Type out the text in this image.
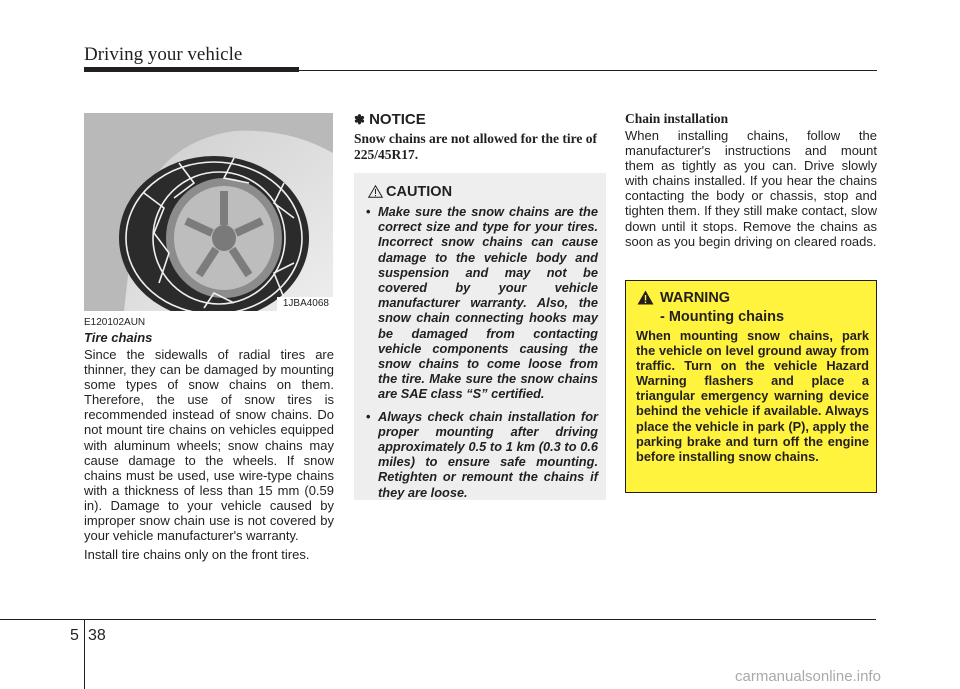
Driving your vehicle
1JBA4068
E120102AUN
Tire chains

Since the sidewalls of radial tires are thinner, they can be damaged by mounting some types of snow chains on them. Therefore, the use of snow tires is recommended instead of snow chains. Do not mount tire chains on vehicles equipped with aluminum wheels; snow chains may cause damage to the wheels. If snow chains must be used, use wire-type chains with a thickness of less than 15 mm (0.59 in). Damage to your vehicle caused by improper snow chain use is not covered by your vehicle manufacturer's warranty.

Install tire chains only on the front tires.

✽ NOTICE
Snow chains are not allowed for the tire of 225/45R17.
CAUTION
• Make sure the snow chains are the correct size and type for your tires. Incorrect snow chains can cause damage to the vehicle body and suspension and may not be covered by your vehicle manufacturer warranty. Also, the snow chain connecting hooks may be damaged from contacting vehicle components causing the snow chains to come loose from the tire. Make sure the snow chains are SAE class “S” certified.
• Always check chain installation for proper mounting after driving approximately 0.5 to 1 km (0.3 to 0.6 miles) to ensure safe mounting. Retighten or remount the chains if they are loose.
Chain installation
When installing chains, follow the manufacturer's instructions and mount them as tightly as you can. Drive slowly with chains installed. If you hear the chains contacting the body or chassis, stop and tighten them. If they still make contact, slow down until it stops. Remove the chains as soon as you begin driving on cleared roads.
WARNING
- Mounting chains
When mounting snow chains, park the vehicle on level ground away from traffic. Turn on the vehicle Hazard Warning flashers and place a triangular emergency warning device behind the vehicle if available. Always place the vehicle in park (P), apply the parking brake and turn off the engine before installing snow chains.
5 38
carmanualsonline.info
